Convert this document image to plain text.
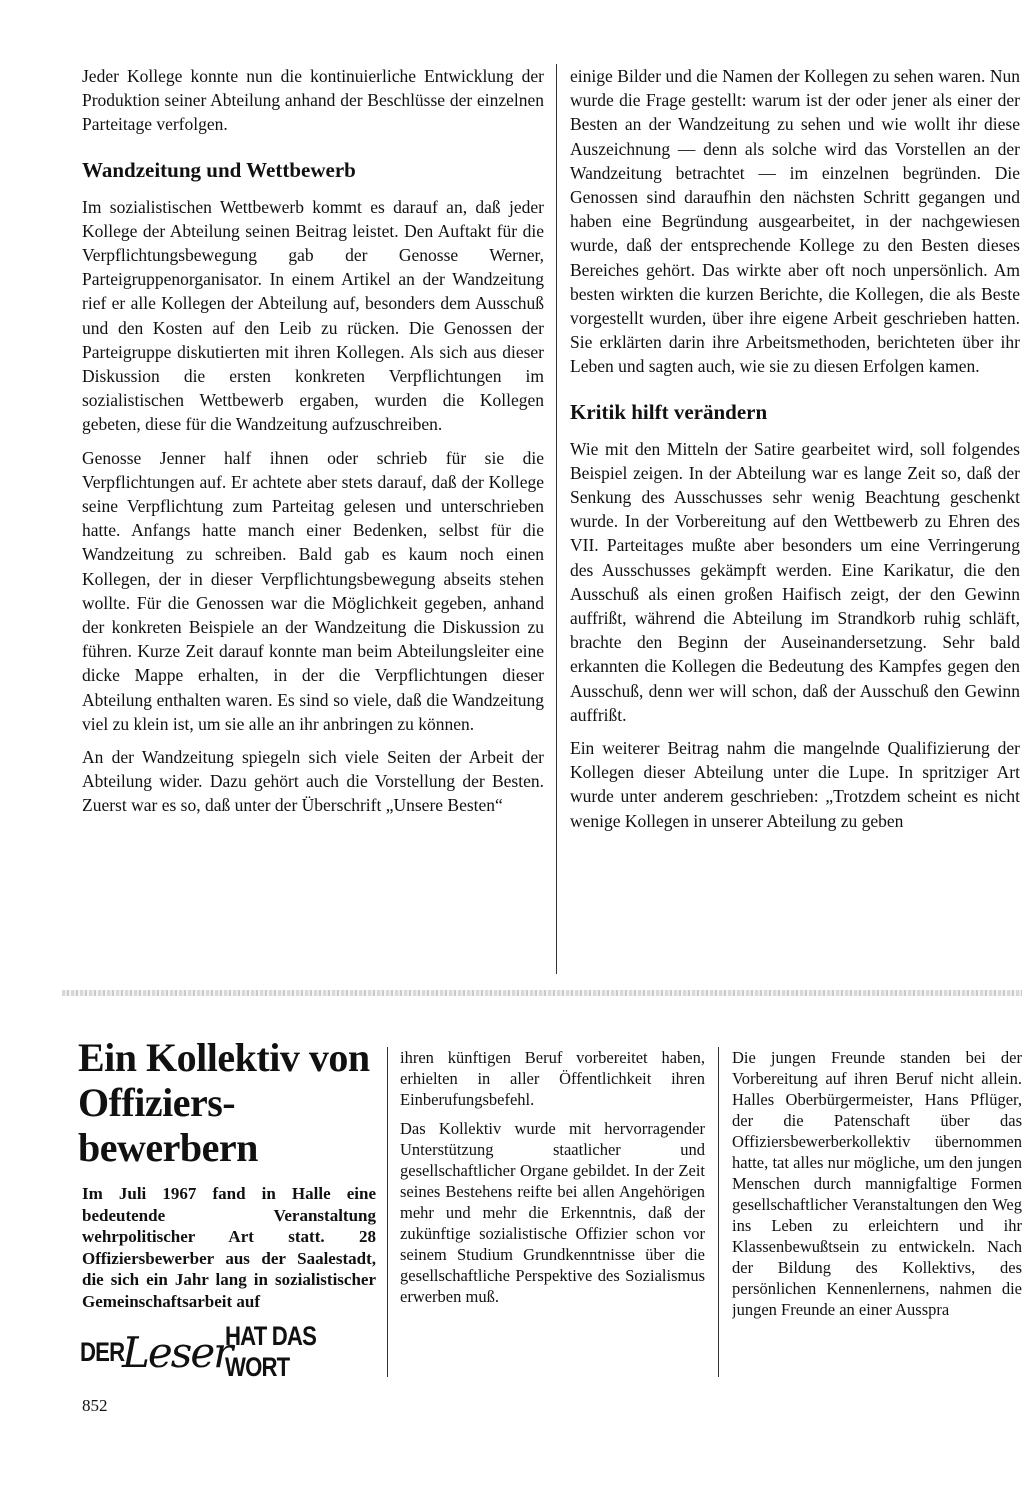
Jeder Kollege konnte nun die kontinuierliche Entwicklung der Produktion seiner Abteilung anhand der Beschlüsse der einzelnen Parteitage verfolgen.

Wandzeitung und Wettbewerb

Im sozialistischen Wettbewerb kommt es darauf an, daß jeder Kollege der Abteilung seinen Beitrag leistet. Den Auftakt für die Verpflichtungsbewegung gab der Genosse Werner, Parteigruppenorganisator. In einem Artikel an der Wandzeitung rief er alle Kollegen der Abteilung auf, besonders dem Ausschuß und den Kosten auf den Leib zu rücken. Die Genossen der Parteigruppe diskutierten mit ihren Kollegen. Als sich aus dieser Diskussion die ersten konkreten Verpflichtungen im sozialistischen Wettbewerb ergaben, wurden die Kollegen gebeten, diese für die Wandzeitung aufzuschreiben.

Genosse Jenner half ihnen oder schrieb für sie die Verpflichtungen auf. Er achtete aber stets darauf, daß der Kollege seine Verpflichtung zum Parteitag gelesen und unterschrieben hatte. Anfangs hatte manch einer Bedenken, selbst für die Wandzeitung zu schreiben. Bald gab es kaum noch einen Kollegen, der in dieser Verpflichtungsbewegung abseits stehen wollte. Für die Genossen war die Möglichkeit gegeben, anhand der konkreten Beispiele an der Wandzeitung die Diskussion zu führen. Kurze Zeit darauf konnte man beim Abteilungsleiter eine dicke Mappe erhalten, in der die Verpflichtungen dieser Abteilung enthalten waren. Es sind so viele, daß die Wandzeitung viel zu klein ist, um sie alle an ihr anbringen zu können.

An der Wandzeitung spiegeln sich viele Seiten der Arbeit der Abteilung wider. Dazu gehört auch die Vorstellung der Besten. Zuerst war es so, daß unter der Überschrift „Unsere Besten“

einige Bilder und die Namen der Kollegen zu sehen waren. Nun wurde die Frage gestellt: warum ist der oder jener als einer der Besten an der Wandzeitung zu sehen und wie wollt ihr diese Auszeichnung — denn als solche wird das Vorstellen an der Wandzeitung betrachtet — im einzelnen begründen. Die Genossen sind daraufhin den nächsten Schritt gegangen und haben eine Begründung ausgearbeitet, in der nachgewiesen wurde, daß der entsprechende Kollege zu den Besten dieses Bereiches gehört. Das wirkte aber oft noch unpersönlich. Am besten wirkten die kurzen Berichte, die Kollegen, die als Beste vorgestellt wurden, über ihre eigene Arbeit geschrieben hatten. Sie erklärten darin ihre Arbeitsmethoden, berichteten über ihr Leben und sagten auch, wie sie zu diesen Erfolgen kamen.

Kritik hilft verändern

Wie mit den Mitteln der Satire gearbeitet wird, soll folgendes Beispiel zeigen. In der Abteilung war es lange Zeit so, daß der Senkung des Ausschusses sehr wenig Beachtung geschenkt wurde. In der Vorbereitung auf den Wettbewerb zu Ehren des VII. Parteitages mußte aber besonders um eine Verringerung des Ausschusses gekämpft werden. Eine Karikatur, die den Ausschuß als einen großen Haifisch zeigt, der den Gewinn auffrißt, während die Abteilung im Strandkorb ruhig schläft, brachte den Beginn der Auseinandersetzung. Sehr bald erkannten die Kollegen die Bedeutung des Kampfes gegen den Ausschuß, denn wer will schon, daß der Ausschuß den Gewinn auffrißt.

Ein weiterer Beitrag nahm die mangelnde Qualifizierung der Kollegen dieser Abteilung unter die Lupe. In spritziger Art wurde unter anderem geschrieben: „Trotzdem scheint es nicht wenige Kollegen in unserer Abteilung zu geben

Ein Kollektiv von Offiziers-bewerbern
Im Juli 1967 fand in Halle eine bedeutende Veranstaltung wehrpolitischer Art statt. 28 Offiziersbewerber aus der Saalestadt, die sich ein Jahr lang in sozialistischer Gemeinschaftsarbeit auf
DER
Leser
HAT DAS WORT

ihren künftigen Beruf vorbereitet haben, erhielten in aller Öffentlichkeit ihren Einberufungsbefehl.

Das Kollektiv wurde mit hervorragender Unterstützung staatlicher und gesellschaftlicher Organe gebildet. In der Zeit seines Bestehens reifte bei allen Angehörigen mehr und mehr die Erkenntnis, daß der zukünftige sozialistische Offizier schon vor seinem Studium Grundkenntnisse über die gesellschaftliche Perspektive des Sozialismus erwerben muß.

Die jungen Freunde standen bei der Vorbereitung auf ihren Beruf nicht allein. Halles Oberbürgermeister, Hans Pflüger, der die Patenschaft über das Offiziersbewerberkollektiv übernommen hatte, tat alles nur mögliche, um den jungen Menschen durch mannigfaltige Formen gesellschaftlicher Veranstaltungen den Weg ins Leben zu erleichtern und ihr Klassenbewußtsein zu entwickeln. Nach der Bildung des Kollektivs, des persönlichen Kennenlernens, nahmen die jungen Freunde an einer Ausspra

852
